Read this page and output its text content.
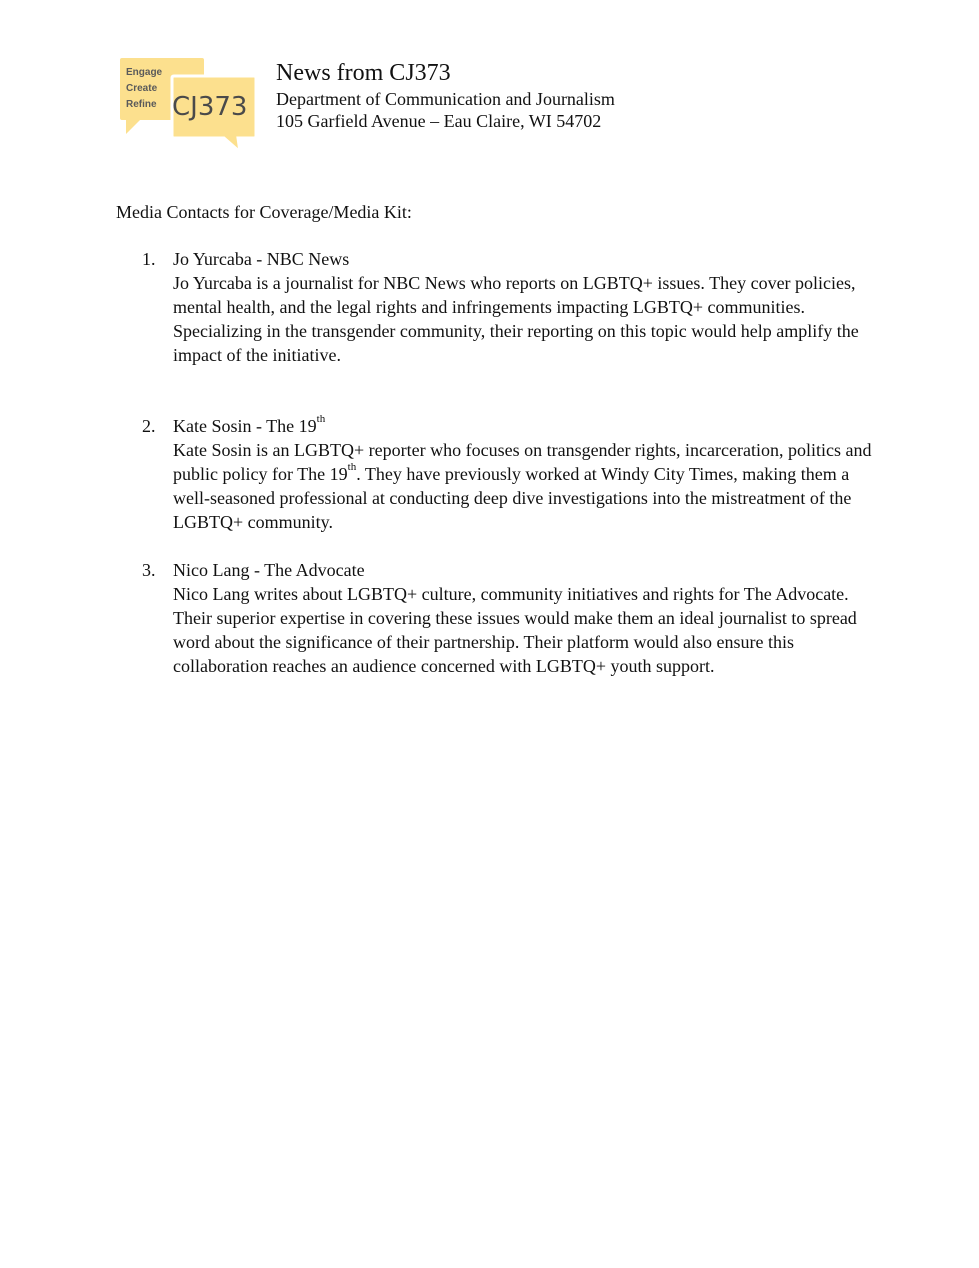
Engage
Create
Refine CJ373
News from CJ373
Department of Communication and Journalism
105 Garfield Avenue – Eau Claire, WI 54702
Media Contacts for Coverage/Media Kit:
1. Jo Yurcaba - NBC News
Jo Yurcaba is a journalist for NBC News who reports on LGBTQ+ issues. They cover policies, mental health, and the legal rights and infringements impacting LGBTQ+ communities. Specializing in the transgender community, their reporting on this topic would help amplify the impact of the initiative.
2. Kate Sosin - The 19th
Kate Sosin is an LGBTQ+ reporter who focuses on transgender rights, incarceration, politics and public policy for The 19th. They have previously worked at Windy City Times, making them a well-seasoned professional at conducting deep dive investigations into the mistreatment of the LGBTQ+ community.
3. Nico Lang - The Advocate
Nico Lang writes about LGBTQ+ culture, community initiatives and rights for The Advocate. Their superior expertise in covering these issues would make them an ideal journalist to spread word about the significance of their partnership. Their platform would also ensure this collaboration reaches an audience concerned with LGBTQ+ youth support.
